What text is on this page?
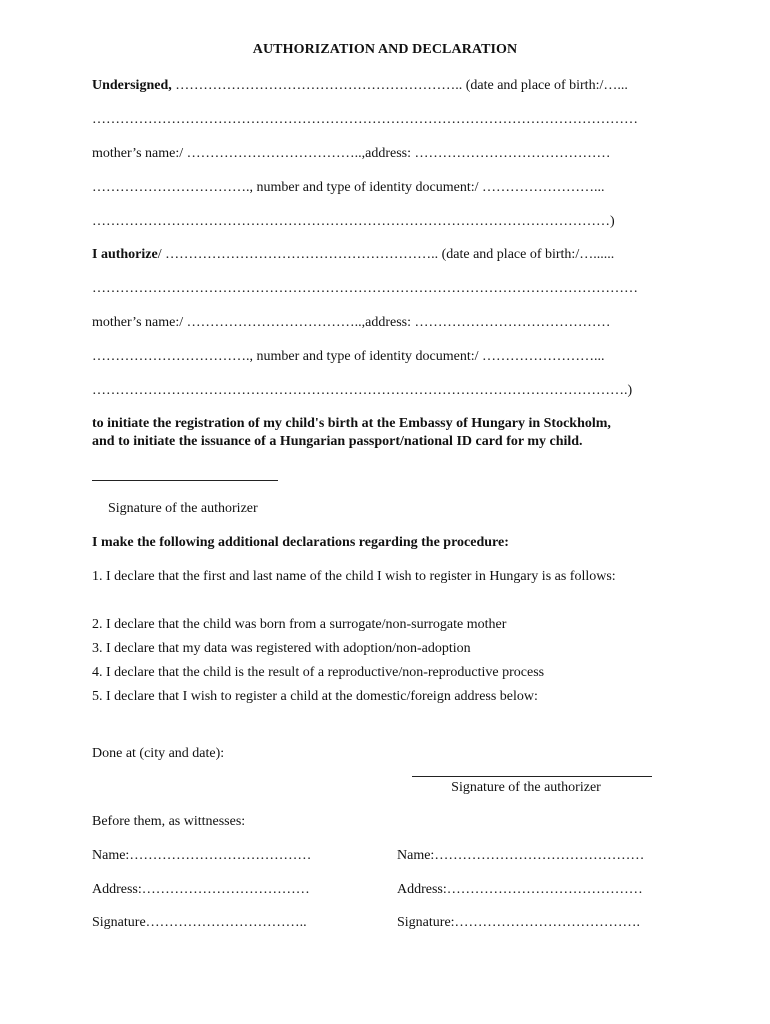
AUTHORIZATION AND DECLARATION
Undersigned, …………………………………………………….. (date and place of birth:/…...
………………………………………………………………………………………………………
mother’s name:/ ………………………………..,address: ……………………………………
……………………………., number and type of identity document:/ ……………………...
…………………………………………………………………………………………………)
I authorize/ ………………………………………………….. (date and place of birth:/…......
………………………………………………………………………………………………………
mother’s name:/ ………………………………..,address: ……………………………………
……………………………., number and type of identity document:/ ……………………...
…………………………………………………………………………………………………….)
to initiate the registration of my child's birth at the Embassy of Hungary in Stockholm,
and to initiate the issuance of a Hungarian passport/national ID card for my child.
Signature of the authorizer
I make the following additional declarations regarding the procedure:
1. I declare that the first and last name of the child I wish to register in Hungary is as follows:
2. I declare that the child was born from a surrogate/non-surrogate mother
3. I declare that my data was registered with adoption/non-adoption
4. I declare that the child is the result of a reproductive/non-reproductive process
5. I declare that I wish to register a child at the domestic/foreign address below:
Done at (city and date):
Signature of the authorizer
Before them, as wittnesses:
Name:…………………………………	Name:………………………………………
Address:………………………………	Address:……………………………………
Signature……………………………..	Signature:………………………………….
